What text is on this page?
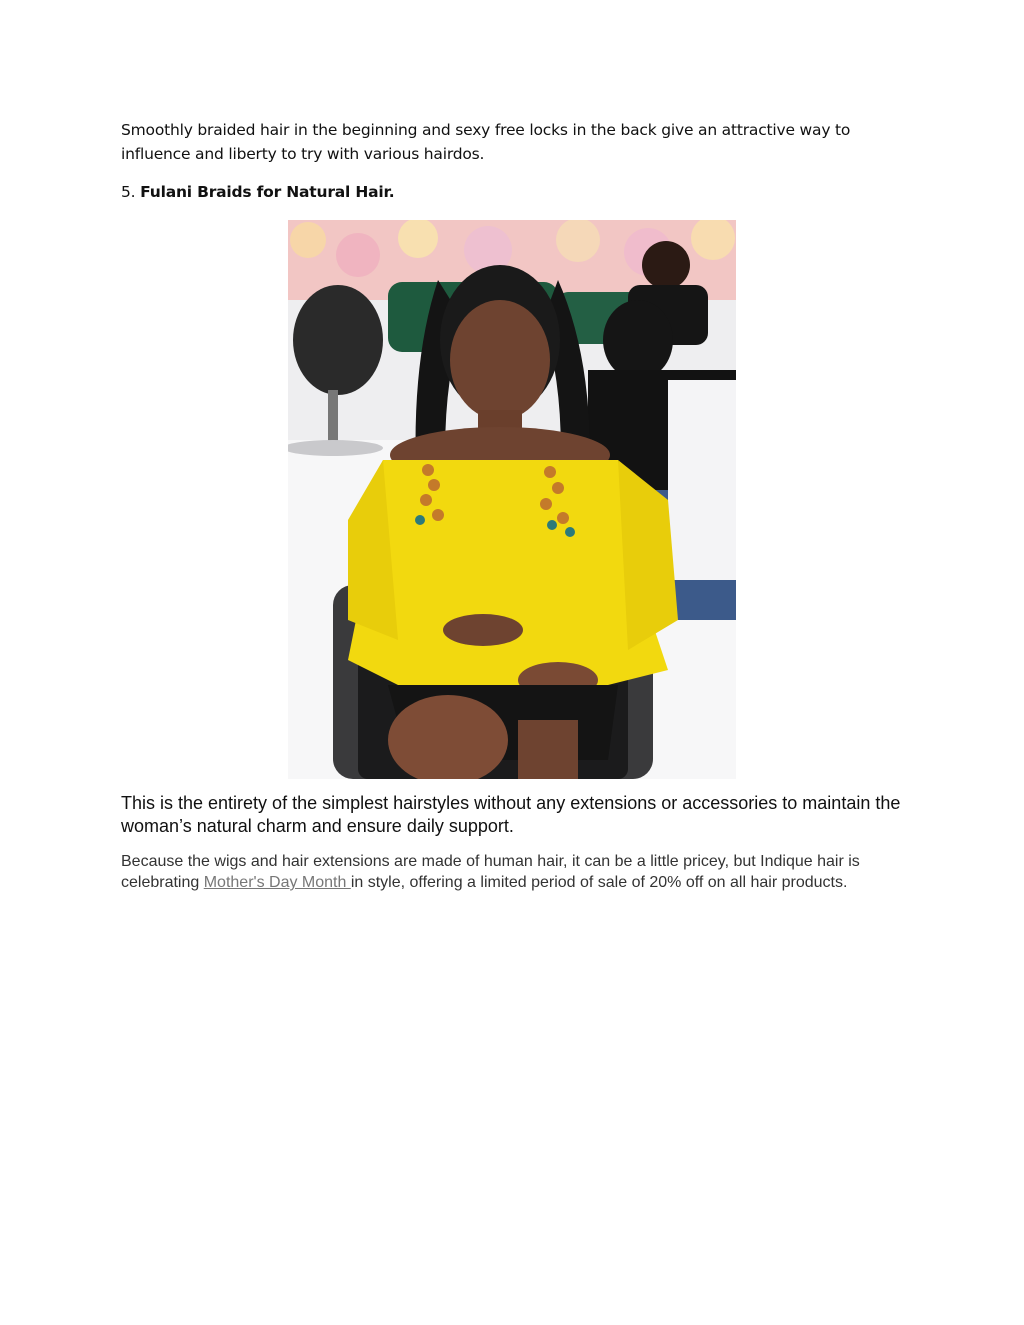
Smoothly braided hair in the beginning and sexy free locks in the back give an attractive way to influence and liberty to try with various hairdos.

5. Fulani Braids for Natural Hair.

This is the entirety of the simplest hairstyles without any extensions or accessories to maintain the woman’s natural charm and ensure daily support.

Because the wigs and hair extensions are made of human hair, it can be a little pricey, but Indique hair is celebrating Mother's Day Month in style, offering a limited period of sale of 20% off on all hair products.
